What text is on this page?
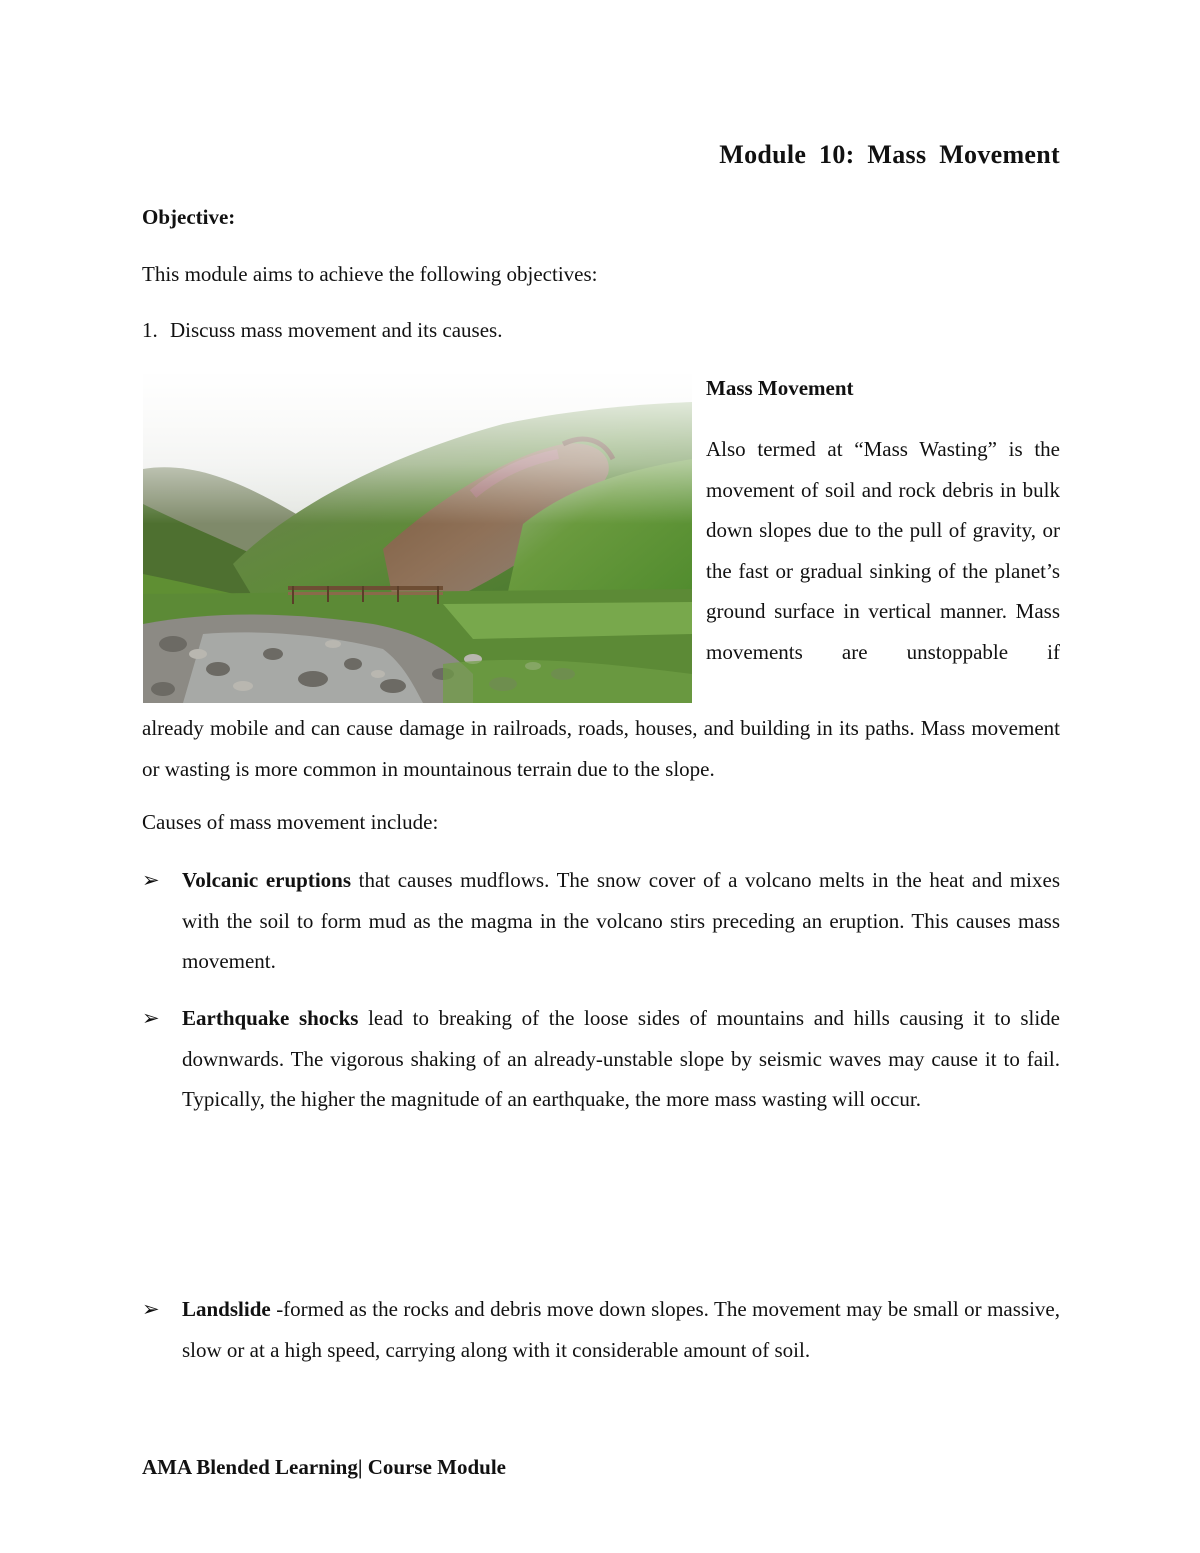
Module 10: Mass Movement
Objective:
This module aims to achieve the following objectives:
1. Discuss mass movement and its causes.
Mass Movement
Also termed at “Mass Wasting” is the movement of soil and rock debris in bulk down slopes due to the pull of gravity, or the fast or gradual sinking of the planet’s ground surface in vertical manner. Mass movements are unstoppable if
already mobile and can cause damage in railroads, roads, houses, and building in its paths. Mass movement or wasting is more common in mountainous terrain due to the slope.
Causes of mass movement include:
➢	Volcanic eruptions that causes mudflows. The snow cover of a volcano melts in the heat and mixes with the soil to form mud as the magma in the volcano stirs preceding an eruption. This causes mass movement.
➢	Earthquake shocks lead to breaking of the loose sides of mountains and hills causing it to slide downwards. The vigorous shaking of an already-unstable slope by seismic waves may cause it to fail. Typically, the higher the magnitude of an earthquake, the more mass wasting will occur.
➢	Landslide -formed as the rocks and debris move down slopes. The movement may be small or massive, slow or at a high speed, carrying along with it considerable amount of soil.
AMA Blended Learning| Course Module
